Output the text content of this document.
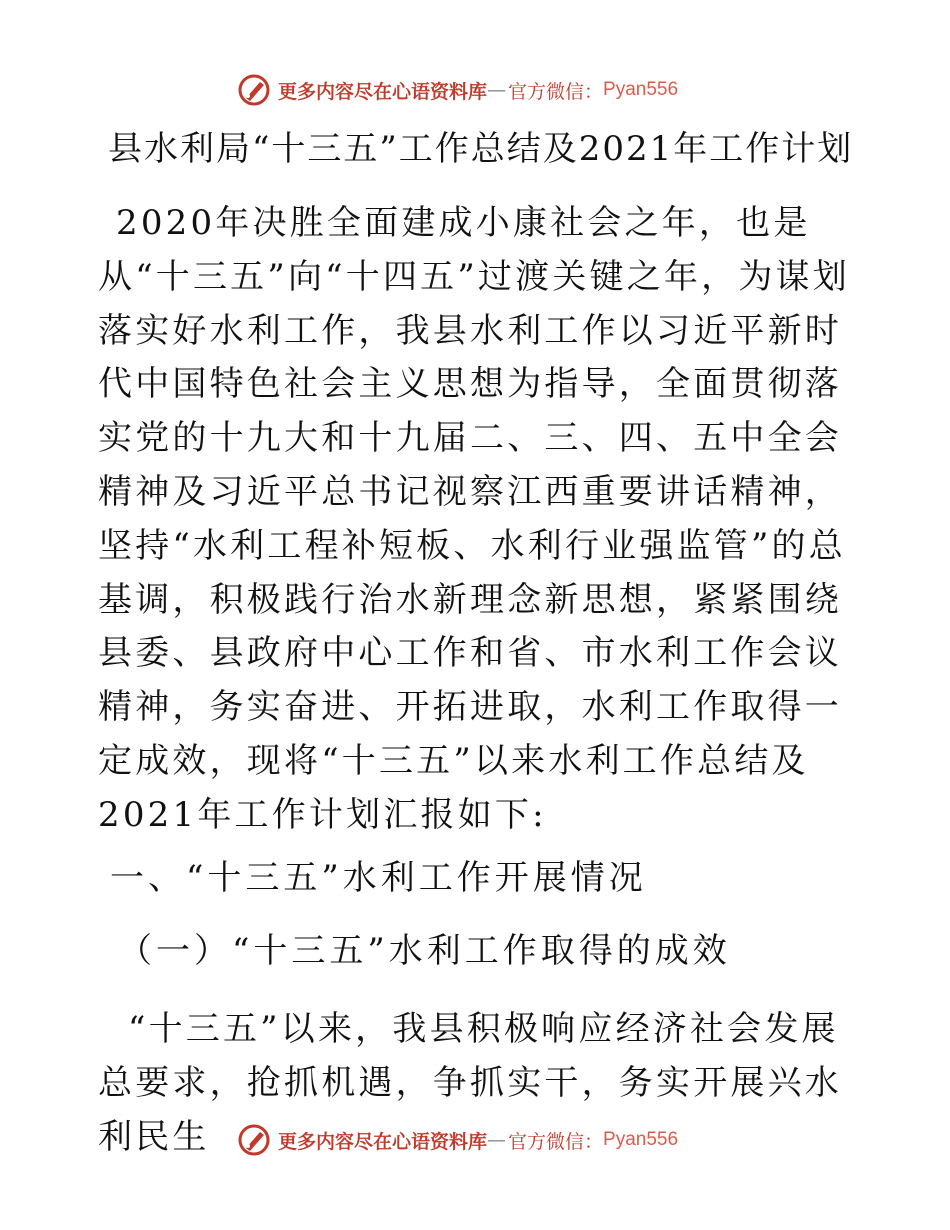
更多内容尽在心语资料库 — 官方微信： Pyan556
县水利局“十三五”工作总结及2021年工作计划
2020年决胜全面建成小康社会之年，也是从“十三五”向“十四五”过渡关键之年，为谋划落实好水利工作，我县水利工作以习近平新时代中国特色社会主义思想为指导，全面贯彻落实党的十九大和十九届二、三、四、五中全会精神及习近平总书记视察江西重要讲话精神，坚持“水利工程补短板、水利行业强监管”的总基调，积极践行治水新理念新思想，紧紧围绕县委、县政府中心工作和省、市水利工作会议精神，务实奋进、开拓进取，水利工作取得一定成效，现将“十三五”以来水利工作总结及2021年工作计划汇报如下:
一、“十三五”水利工作开展情况
（一）“十三五”水利工作取得的成效
“十三五”以来，我县积极响应经济社会发展总要求，抢抓机遇，争抓实干，务实开展兴水利民生	更多内容尽在心语资料库 — 官方微信： Pyan556
